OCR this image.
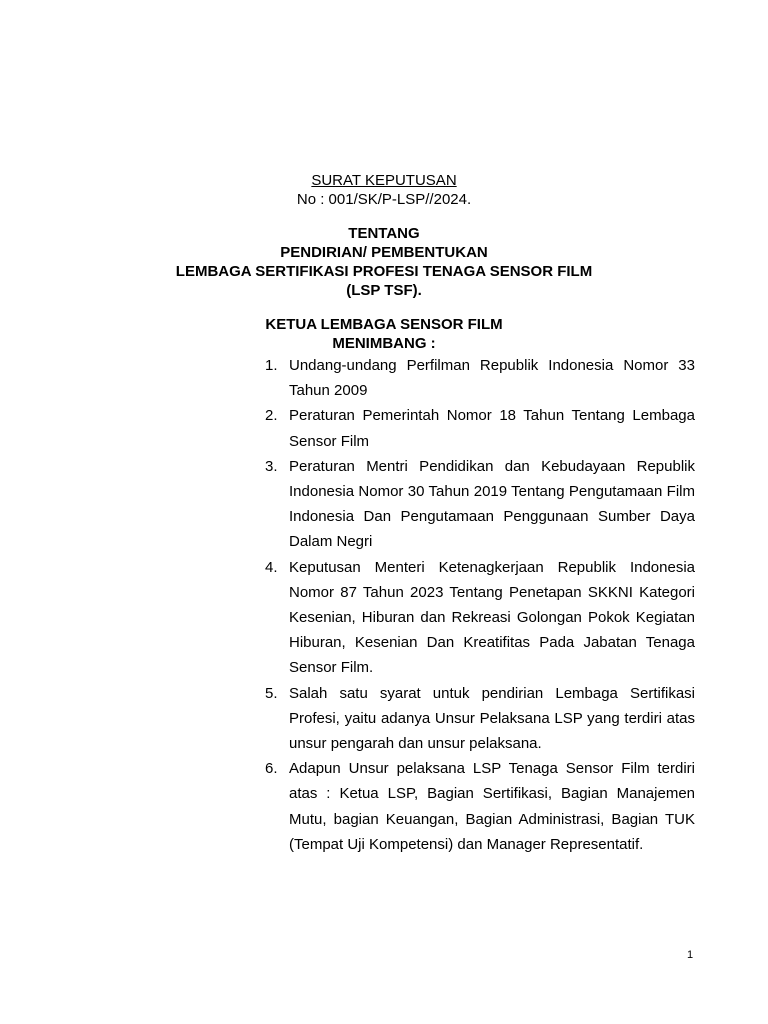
SURAT KEPUTUSAN
No : 001/SK/P-LSP//2024.
TENTANG
PENDIRIAN/ PEMBENTUKAN
LEMBAGA SERTIFIKASI PROFESI TENAGA SENSOR FILM
(LSP TSF).
KETUA LEMBAGA SENSOR FILM
MENIMBANG :
1. Undang-undang Perfilman Republik Indonesia Nomor 33 Tahun 2009
2. Peraturan Pemerintah Nomor 18 Tahun Tentang Lembaga Sensor Film
3. Peraturan Mentri Pendidikan dan Kebudayaan Republik Indonesia Nomor 30 Tahun 2019 Tentang Pengutamaan Film Indonesia Dan Pengutamaan Penggunaan Sumber Daya Dalam Negri
4. Keputusan Menteri Ketenagkerjaan Republik Indonesia Nomor 87 Tahun 2023 Tentang Penetapan SKKNI Kategori Kesenian, Hiburan dan Rekreasi Golongan Pokok Kegiatan Hiburan, Kesenian Dan Kreatifitas Pada Jabatan Tenaga Sensor Film.
5. Salah satu syarat untuk pendirian Lembaga Sertifikasi Profesi, yaitu adanya Unsur Pelaksana LSP yang terdiri atas unsur pengarah dan unsur pelaksana.
6. Adapun Unsur pelaksana LSP Tenaga Sensor Film terdiri atas : Ketua LSP, Bagian Sertifikasi, Bagian Manajemen Mutu, bagian Keuangan, Bagian Administrasi, Bagian TUK (Tempat Uji Kompetensi) dan Manager Representatif.
1
